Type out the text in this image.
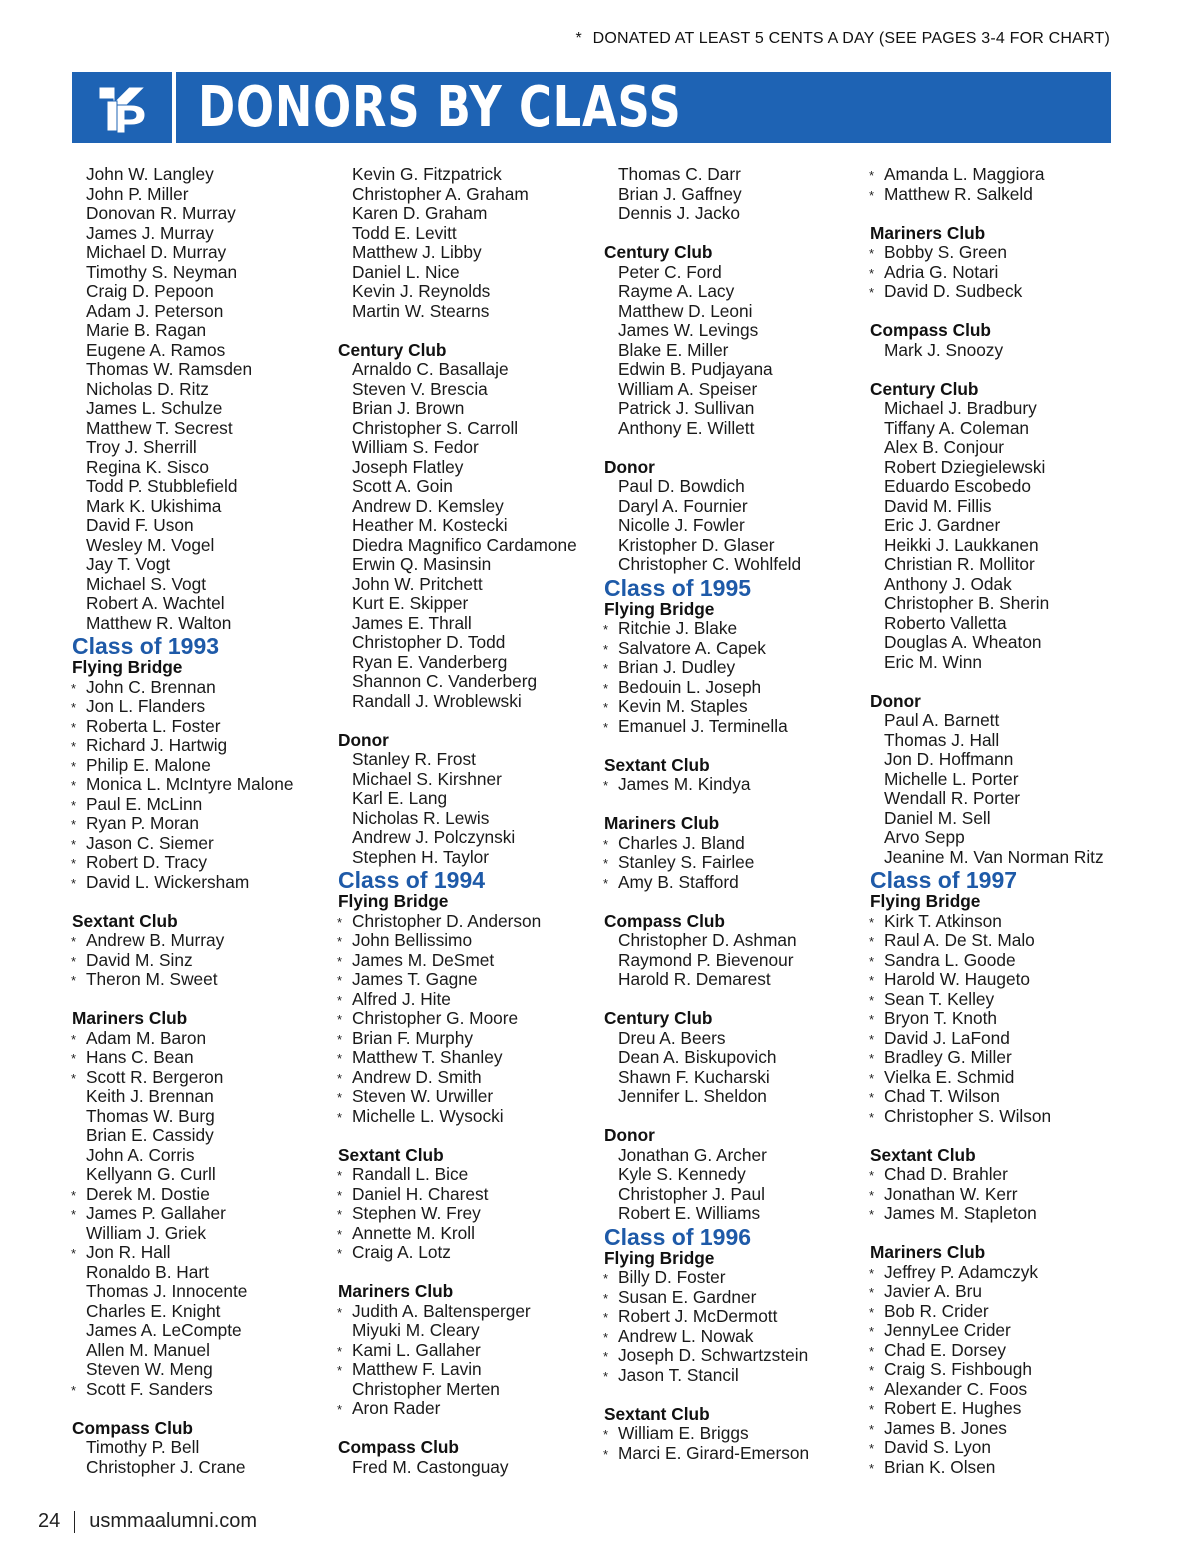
* DONATED AT LEAST 5 CENTS A DAY (SEE PAGES 3-4 FOR CHART)
DONORS BY CLASS
John W. Langley
John P. Miller
Donovan R. Murray
James J. Murray
Michael D. Murray
Timothy S. Neyman
Craig D. Pepoon
Adam J. Peterson
Marie B. Ragan
Eugene A. Ramos
Thomas W. Ramsden
Nicholas D. Ritz
James L. Schulze
Matthew T. Secrest
Troy J. Sherrill
Regina K. Sisco
Todd P. Stubblefield
Mark K. Ukishima
David F. Uson
Wesley M. Vogel
Jay T. Vogt
Michael S. Vogt
Robert A. Wachtel
Matthew R. Walton
Class of 1993
Flying Bridge
* John C. Brennan
* Jon L. Flanders
* Roberta L. Foster
* Richard J. Hartwig
* Philip E. Malone
* Monica L. McIntyre Malone
* Paul E. McLinn
* Ryan P. Moran
* Jason C. Siemer
* Robert D. Tracy
* David L. Wickersham
Sextant Club
* Andrew B. Murray
* David M. Sinz
* Theron M. Sweet
Mariners Club
* Adam M. Baron
* Hans C. Bean
* Scott R. Bergeron
Keith J. Brennan
Thomas W. Burg
Brian E. Cassidy
John A. Corris
Kellyann G. Curll
* Derek M. Dostie
* James P. Gallaher
William J. Griek
* Jon R. Hall
Ronaldo B. Hart
Thomas J. Innocente
Charles E. Knight
James A. LeCompte
Allen M. Manuel
Steven W. Meng
* Scott F. Sanders
Compass Club
Timothy P. Bell
Christopher J. Crane
Kevin G. Fitzpatrick
Christopher A. Graham
Karen D. Graham
Todd E. Levitt
Matthew J. Libby
Daniel L. Nice
Kevin J. Reynolds
Martin W. Stearns
Century Club
Arnaldo C. Basallaje
Steven V. Brescia
Brian J. Brown
Christopher S. Carroll
William S. Fedor
Joseph Flatley
Scott A. Goin
Andrew D. Kemsley
Heather M. Kostecki
Diedra Magnifico Cardamone
Erwin Q. Masinsin
John W. Pritchett
Kurt E. Skipper
James E. Thrall
Christopher D. Todd
Ryan E. Vanderberg
Shannon C. Vanderberg
Randall J. Wroblewski
Donor
Stanley R. Frost
Michael S. Kirshner
Karl E. Lang
Nicholas R. Lewis
Andrew J. Polczynski
Stephen H. Taylor
Class of 1994
Flying Bridge
* Christopher D. Anderson
* John Bellissimo
* James M. DeSmet
* James T. Gagne
* Alfred J. Hite
* Christopher G. Moore
* Brian F. Murphy
* Matthew T. Shanley
* Andrew D. Smith
* Steven W. Urwiller
* Michelle L. Wysocki
Sextant Club
* Randall L. Bice
* Daniel H. Charest
* Stephen W. Frey
* Annette M. Kroll
* Craig A. Lotz
Mariners Club
* Judith A. Baltensperger
Miyuki M. Cleary
* Kami L. Gallaher
* Matthew F. Lavin
Christopher Merten
* Aron Rader
Compass Club
Fred M. Castonguay
Thomas C. Darr
Brian J. Gaffney
Dennis J. Jacko
Century Club
Peter C. Ford
Rayme A. Lacy
Matthew D. Leoni
James W. Levings
Blake E. Miller
Edwin B. Pudjayana
William A. Speiser
Patrick J. Sullivan
Anthony E. Willett
Donor
Paul D. Bowdich
Daryl A. Fournier
Nicolle J. Fowler
Kristopher D. Glaser
Christopher C. Wohlfeld
Class of 1995
Flying Bridge
* Ritchie J. Blake
* Salvatore A. Capek
* Brian J. Dudley
* Bedouin L. Joseph
* Kevin M. Staples
* Emanuel J. Terminella
Sextant Club
* James M. Kindya
Mariners Club
* Charles J. Bland
* Stanley S. Fairlee
* Amy B. Stafford
Compass Club
Christopher D. Ashman
Raymond P. Bievenour
Harold R. Demarest
Century Club
Dreu A. Beers
Dean A. Biskupovich
Shawn F. Kucharski
Jennifer L. Sheldon
Donor
Jonathan G. Archer
Kyle S. Kennedy
Christopher J. Paul
Robert E. Williams
Class of 1996
Flying Bridge
* Billy D. Foster
* Susan E. Gardner
* Robert J. McDermott
* Andrew L. Nowak
* Joseph D. Schwartzstein
* Jason T. Stancil
Sextant Club
* William E. Briggs
* Marci E. Girard-Emerson
* Amanda L. Maggiora
* Matthew R. Salkeld
Mariners Club
* Bobby S. Green
* Adria G. Notari
* David D. Sudbeck
Compass Club
Mark J. Snoozy
Century Club
Michael J. Bradbury
Tiffany A. Coleman
Alex B. Conjour
Robert Dziegielewski
Eduardo Escobedo
David M. Fillis
Eric J. Gardner
Heikki J. Laukkanen
Christian R. Mollitor
Anthony J. Odak
Christopher B. Sherin
Roberto Valletta
Douglas A. Wheaton
Eric M. Winn
Donor
Paul A. Barnett
Thomas J. Hall
Jon D. Hoffmann
Michelle L. Porter
Wendall R. Porter
Daniel M. Sell
Arvo Sepp
Jeanine M. Van Norman Ritz
Class of 1997
Flying Bridge
* Kirk T. Atkinson
* Raul A. De St. Malo
* Sandra L. Goode
* Harold W. Haugeto
* Sean T. Kelley
* Bryon T. Knoth
* David J. LaFond
* Bradley G. Miller
* Vielka E. Schmid
* Chad T. Wilson
* Christopher S. Wilson
Sextant Club
* Chad D. Brahler
* Jonathan W. Kerr
* James M. Stapleton
Mariners Club
* Jeffrey P. Adamczyk
* Javier A. Bru
* Bob R. Crider
* JennyLee Crider
* Chad E. Dorsey
* Craig S. Fishbough
* Alexander C. Foos
* Robert E. Hughes
* James B. Jones
* David S. Lyon
* Brian K. Olsen
24 usmmaalumni.com
